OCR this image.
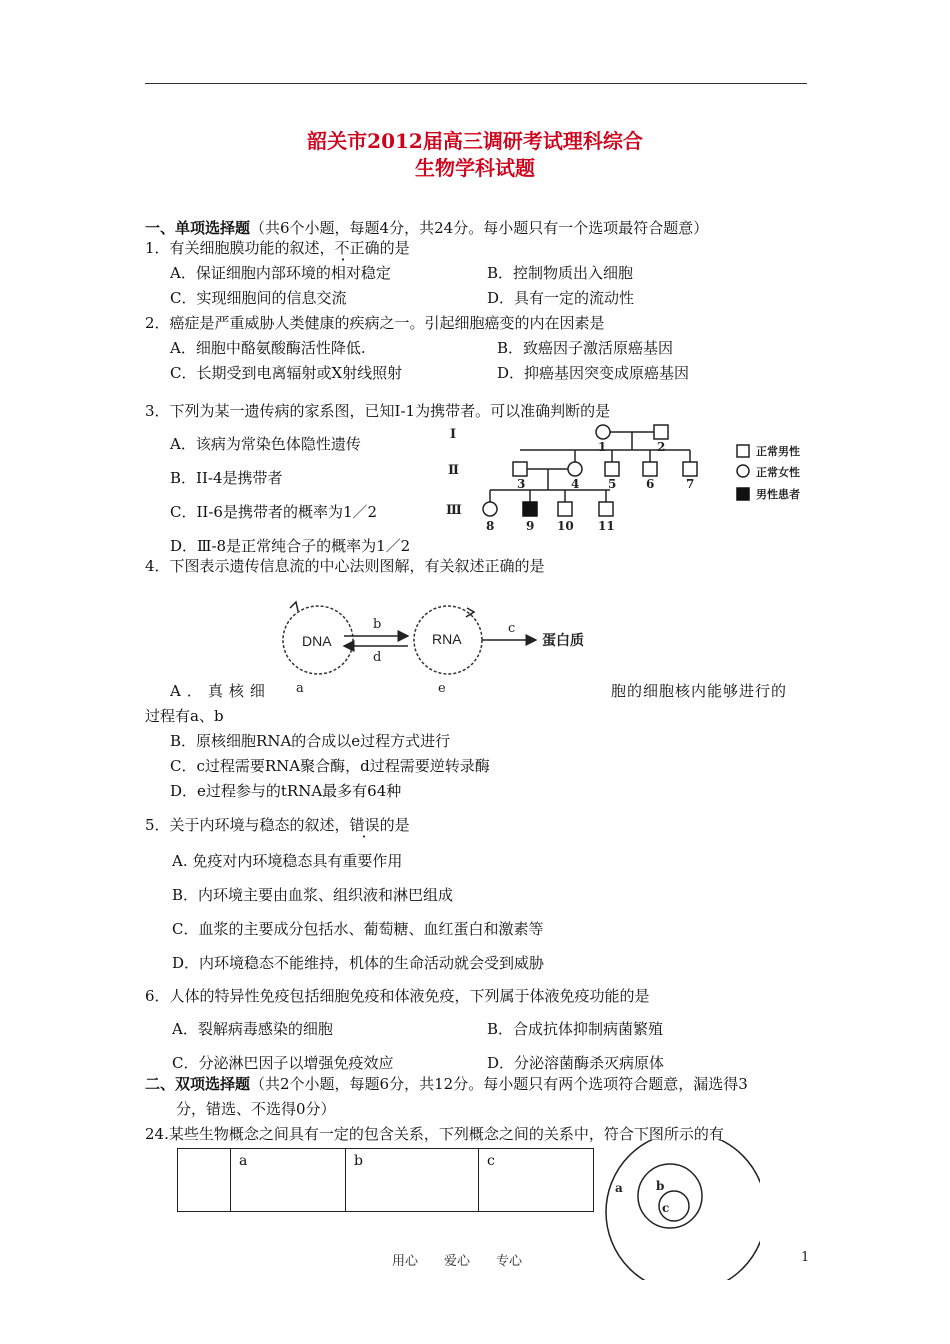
韶关市2012届高三调研考试理科综合
生物学科试题
一、单项选择题（共6个小题，每题4分，共24分。每小题只有一个选项最符合题意）
1．有关细胞膜功能的叙述，不正确的是
A．保证细胞内部环境的相对稳定	B．控制物质出入细胞
C．实现细胞间的信息交流	D．具有一定的流动性
2．癌症是严重威胁人类健康的疾病之一。引起细胞癌变的内在因素是
A．细胞中酪氨酸酶活性降低.	B．致癌因子激活原癌基因
C．长期受到电离辐射或X射线照射	D．抑癌基因突变成原癌基因
3．下列为某一遗传病的家系图，已知I-1为携带者。可以准确判断的是
A．该病为常染色体隐性遗传
B．II-4是携带者
C．II-6是携带者的概率为1／2
D．Ⅲ-8是正常纯合子的概率为1／2
Ⅰ
Ⅱ
Ⅲ
1	2
3	4 5 6	7
8	9 10 11
正常男性
正常女性
男性患者
4．下图表示遗传信息流的中心法则图解，有关叙述正确的是
DNA	RNA	蛋白质
b
d
c
a	e
A．真核细	胞的细胞核内能够进行的
过程有a、b
B．原核细胞RNA的合成以e过程方式进行
C．c过程需要RNA聚合酶，d过程需要逆转录酶
D．e过程参与的tRNA最多有64种
5．关于内环境与稳态的叙述，错误的是
A. 免疫对内环境稳态具有重要作用
B．内环境主要由血浆、组织液和淋巴组成
C．血浆的主要成分包括水、葡萄糖、血红蛋白和激素等
D．内环境稳态不能维持，机体的生命活动就会受到威胁
6．人体的特异性免疫包括细胞免疫和体液免疫，下列属于体液免疫功能的是
A．裂解病毒感染的细胞	B．合成抗体抑制病菌繁殖
C．分泌淋巴因子以增强免疫效应	D．分泌溶菌酶杀灭病原体
二、双项选择题（共2个小题，每题6分，共12分。每小题只有两个选项符合题意，漏选得3
分，错选、不选得0分）
24.某些生物概念之间具有一定的包含关系，下列概念之间的关系中，符合下图所示的有
	a	b	c
a	b
c
用心　　爱心　　专心	1
